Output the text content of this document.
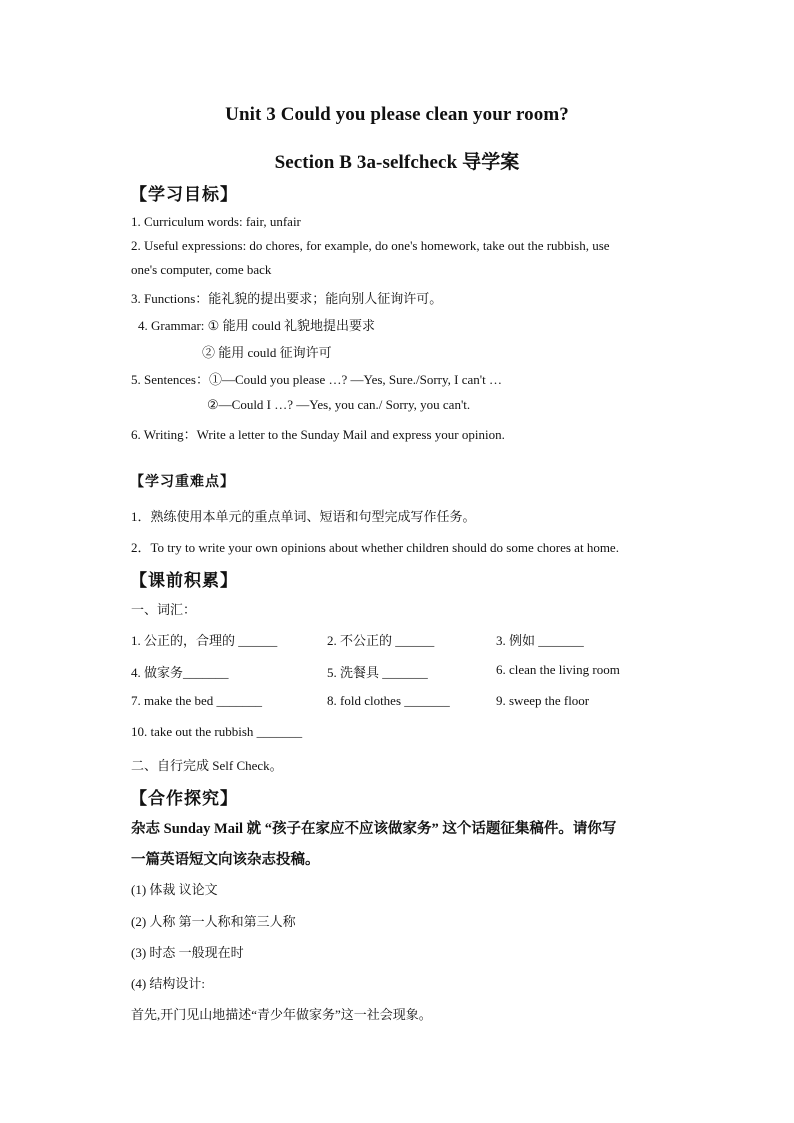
Unit 3 Could you please clean your room?
Section B 3a-selfcheck 导学案
【学习目标】
1. Curriculum words: fair, unfair
2. Useful expressions: do chores, for example, do one's homework, take out the rubbish, use
one's computer, come back
3. Functions：能礼貌的提出要求；能向别人征询许可。
4. Grammar: ① 能用 could 礼貌地提出要求
② 能用 could 征询许可
5. Sentences：①—Could you please …? —Yes, Sure./Sorry, I can't …
②—Could I …? —Yes, you can./ Sorry, you can't.
6. Writing：Write a letter to the Sunday Mail and express your opinion.
【学习重难点】
1．熟练使用本单元的重点单词、短语和句型完成写作任务。
2．To try to write your own opinions about whether children should do some chores at home.
【课前积累】
一、词汇：
1. 公正的，合理的 ______	2. 不公正的 ______	3. 例如 _______
4. 做家务_______	5. 洗餐具 _______	6. clean the living room
7. make the bed _______	8. fold clothes _______	9. sweep the floor
10. take out the rubbish _______
二、自行完成 Self Check。
【合作探究】
杂志 Sunday Mail 就 “孩子在家应不应该做家务” 这个话题征集稿件。请你写
一篇英语短文向该杂志投稿。
(1) 体裁 议论文
(2) 人称 第一人称和第三人称
(3) 时态 一般现在时
(4) 结构设计:
首先,开门见山地描述“青少年做家务”这一社会现象。
